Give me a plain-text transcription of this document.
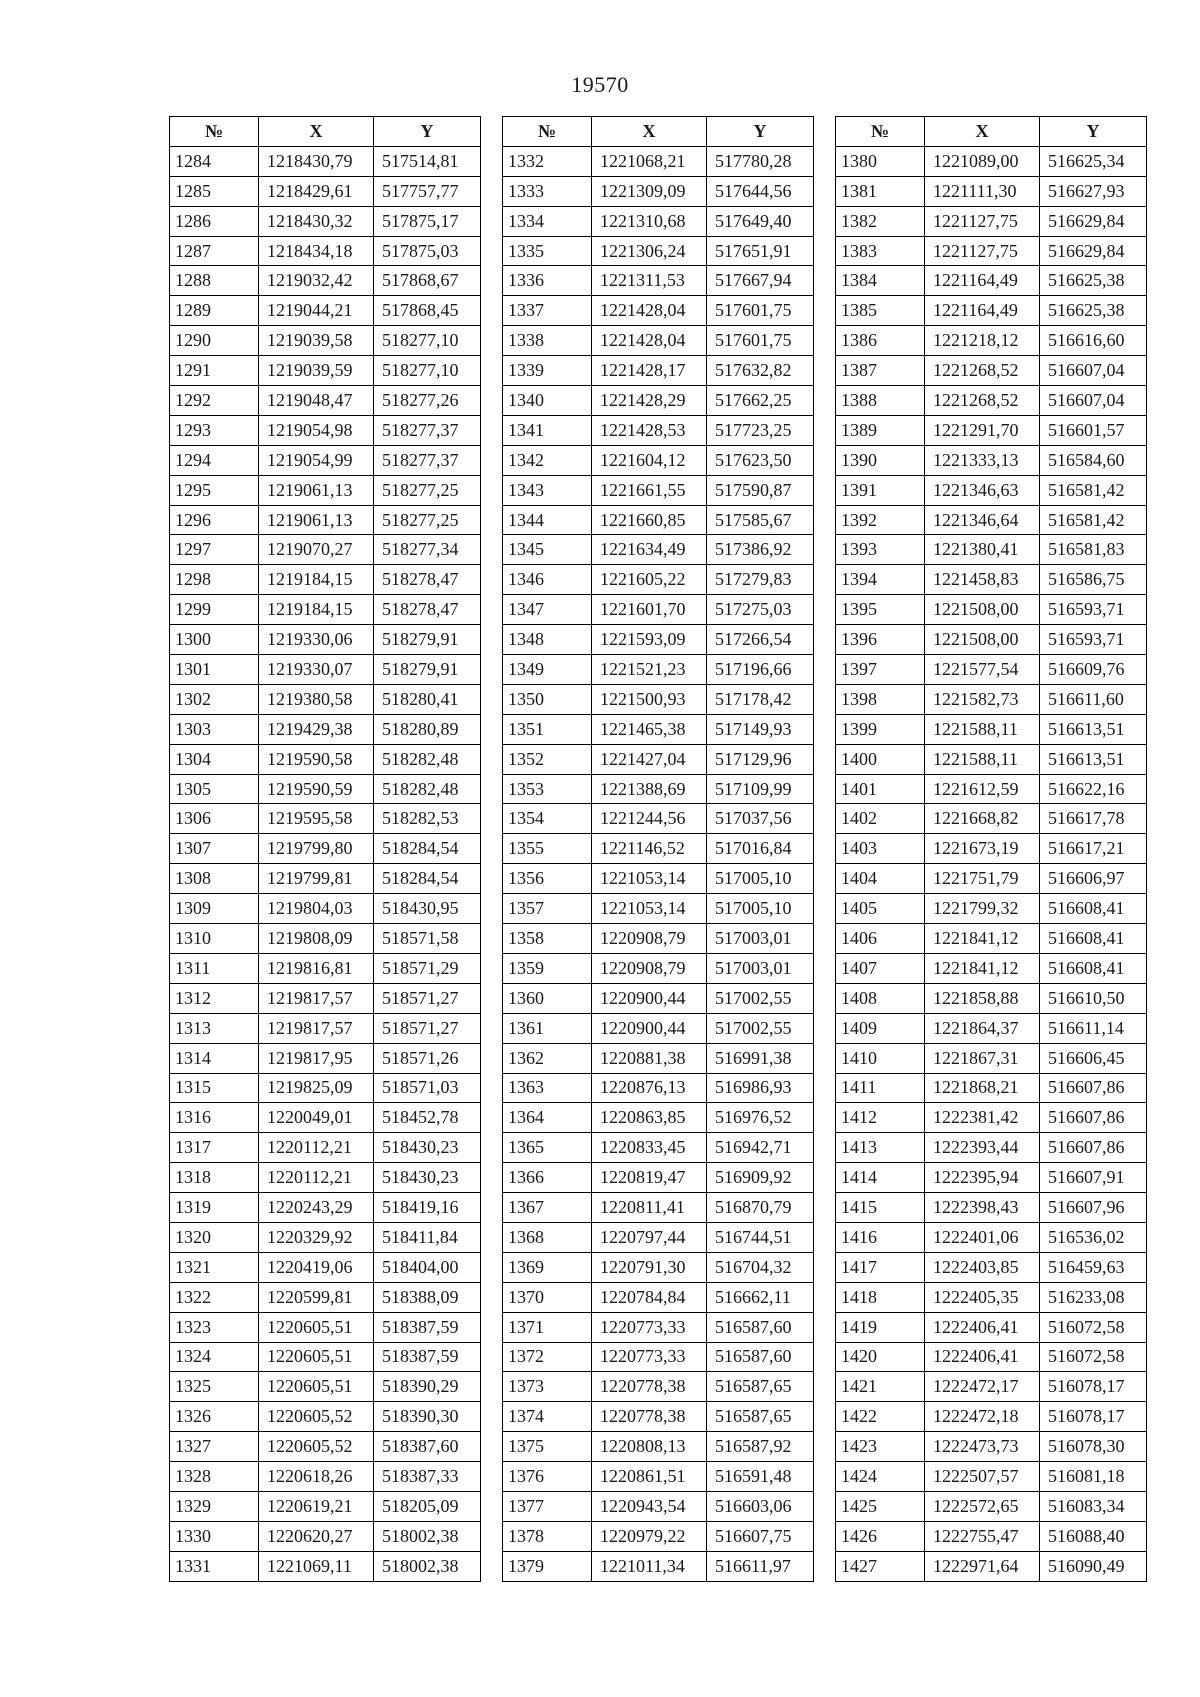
19570
№	X	Y
1284	1218430,79	517514,81
1285	1218429,61	517757,77
1286	1218430,32	517875,17
1287	1218434,18	517875,03
1288	1219032,42	517868,67
1289	1219044,21	517868,45
1290	1219039,58	518277,10
1291	1219039,59	518277,10
1292	1219048,47	518277,26
1293	1219054,98	518277,37
1294	1219054,99	518277,37
1295	1219061,13	518277,25
1296	1219061,13	518277,25
1297	1219070,27	518277,34
1298	1219184,15	518278,47
1299	1219184,15	518278,47
1300	1219330,06	518279,91
1301	1219330,07	518279,91
1302	1219380,58	518280,41
1303	1219429,38	518280,89
1304	1219590,58	518282,48
1305	1219590,59	518282,48
1306	1219595,58	518282,53
1307	1219799,80	518284,54
1308	1219799,81	518284,54
1309	1219804,03	518430,95
1310	1219808,09	518571,58
1311	1219816,81	518571,29
1312	1219817,57	518571,27
1313	1219817,57	518571,27
1314	1219817,95	518571,26
1315	1219825,09	518571,03
1316	1220049,01	518452,78
1317	1220112,21	518430,23
1318	1220112,21	518430,23
1319	1220243,29	518419,16
1320	1220329,92	518411,84
1321	1220419,06	518404,00
1322	1220599,81	518388,09
1323	1220605,51	518387,59
1324	1220605,51	518387,59
1325	1220605,51	518390,29
1326	1220605,52	518390,30
1327	1220605,52	518387,60
1328	1220618,26	518387,33
1329	1220619,21	518205,09
1330	1220620,27	518002,38
1331	1221069,11	518002,38
№	X	Y
1332	1221068,21	517780,28
1333	1221309,09	517644,56
1334	1221310,68	517649,40
1335	1221306,24	517651,91
1336	1221311,53	517667,94
1337	1221428,04	517601,75
1338	1221428,04	517601,75
1339	1221428,17	517632,82
1340	1221428,29	517662,25
1341	1221428,53	517723,25
1342	1221604,12	517623,50
1343	1221661,55	517590,87
1344	1221660,85	517585,67
1345	1221634,49	517386,92
1346	1221605,22	517279,83
1347	1221601,70	517275,03
1348	1221593,09	517266,54
1349	1221521,23	517196,66
1350	1221500,93	517178,42
1351	1221465,38	517149,93
1352	1221427,04	517129,96
1353	1221388,69	517109,99
1354	1221244,56	517037,56
1355	1221146,52	517016,84
1356	1221053,14	517005,10
1357	1221053,14	517005,10
1358	1220908,79	517003,01
1359	1220908,79	517003,01
1360	1220900,44	517002,55
1361	1220900,44	517002,55
1362	1220881,38	516991,38
1363	1220876,13	516986,93
1364	1220863,85	516976,52
1365	1220833,45	516942,71
1366	1220819,47	516909,92
1367	1220811,41	516870,79
1368	1220797,44	516744,51
1369	1220791,30	516704,32
1370	1220784,84	516662,11
1371	1220773,33	516587,60
1372	1220773,33	516587,60
1373	1220778,38	516587,65
1374	1220778,38	516587,65
1375	1220808,13	516587,92
1376	1220861,51	516591,48
1377	1220943,54	516603,06
1378	1220979,22	516607,75
1379	1221011,34	516611,97
№	X	Y
1380	1221089,00	516625,34
1381	1221111,30	516627,93
1382	1221127,75	516629,84
1383	1221127,75	516629,84
1384	1221164,49	516625,38
1385	1221164,49	516625,38
1386	1221218,12	516616,60
1387	1221268,52	516607,04
1388	1221268,52	516607,04
1389	1221291,70	516601,57
1390	1221333,13	516584,60
1391	1221346,63	516581,42
1392	1221346,64	516581,42
1393	1221380,41	516581,83
1394	1221458,83	516586,75
1395	1221508,00	516593,71
1396	1221508,00	516593,71
1397	1221577,54	516609,76
1398	1221582,73	516611,60
1399	1221588,11	516613,51
1400	1221588,11	516613,51
1401	1221612,59	516622,16
1402	1221668,82	516617,78
1403	1221673,19	516617,21
1404	1221751,79	516606,97
1405	1221799,32	516608,41
1406	1221841,12	516608,41
1407	1221841,12	516608,41
1408	1221858,88	516610,50
1409	1221864,37	516611,14
1410	1221867,31	516606,45
1411	1221868,21	516607,86
1412	1222381,42	516607,86
1413	1222393,44	516607,86
1414	1222395,94	516607,91
1415	1222398,43	516607,96
1416	1222401,06	516536,02
1417	1222403,85	516459,63
1418	1222405,35	516233,08
1419	1222406,41	516072,58
1420	1222406,41	516072,58
1421	1222472,17	516078,17
1422	1222472,18	516078,17
1423	1222473,73	516078,30
1424	1222507,57	516081,18
1425	1222572,65	516083,34
1426	1222755,47	516088,40
1427	1222971,64	516090,49
